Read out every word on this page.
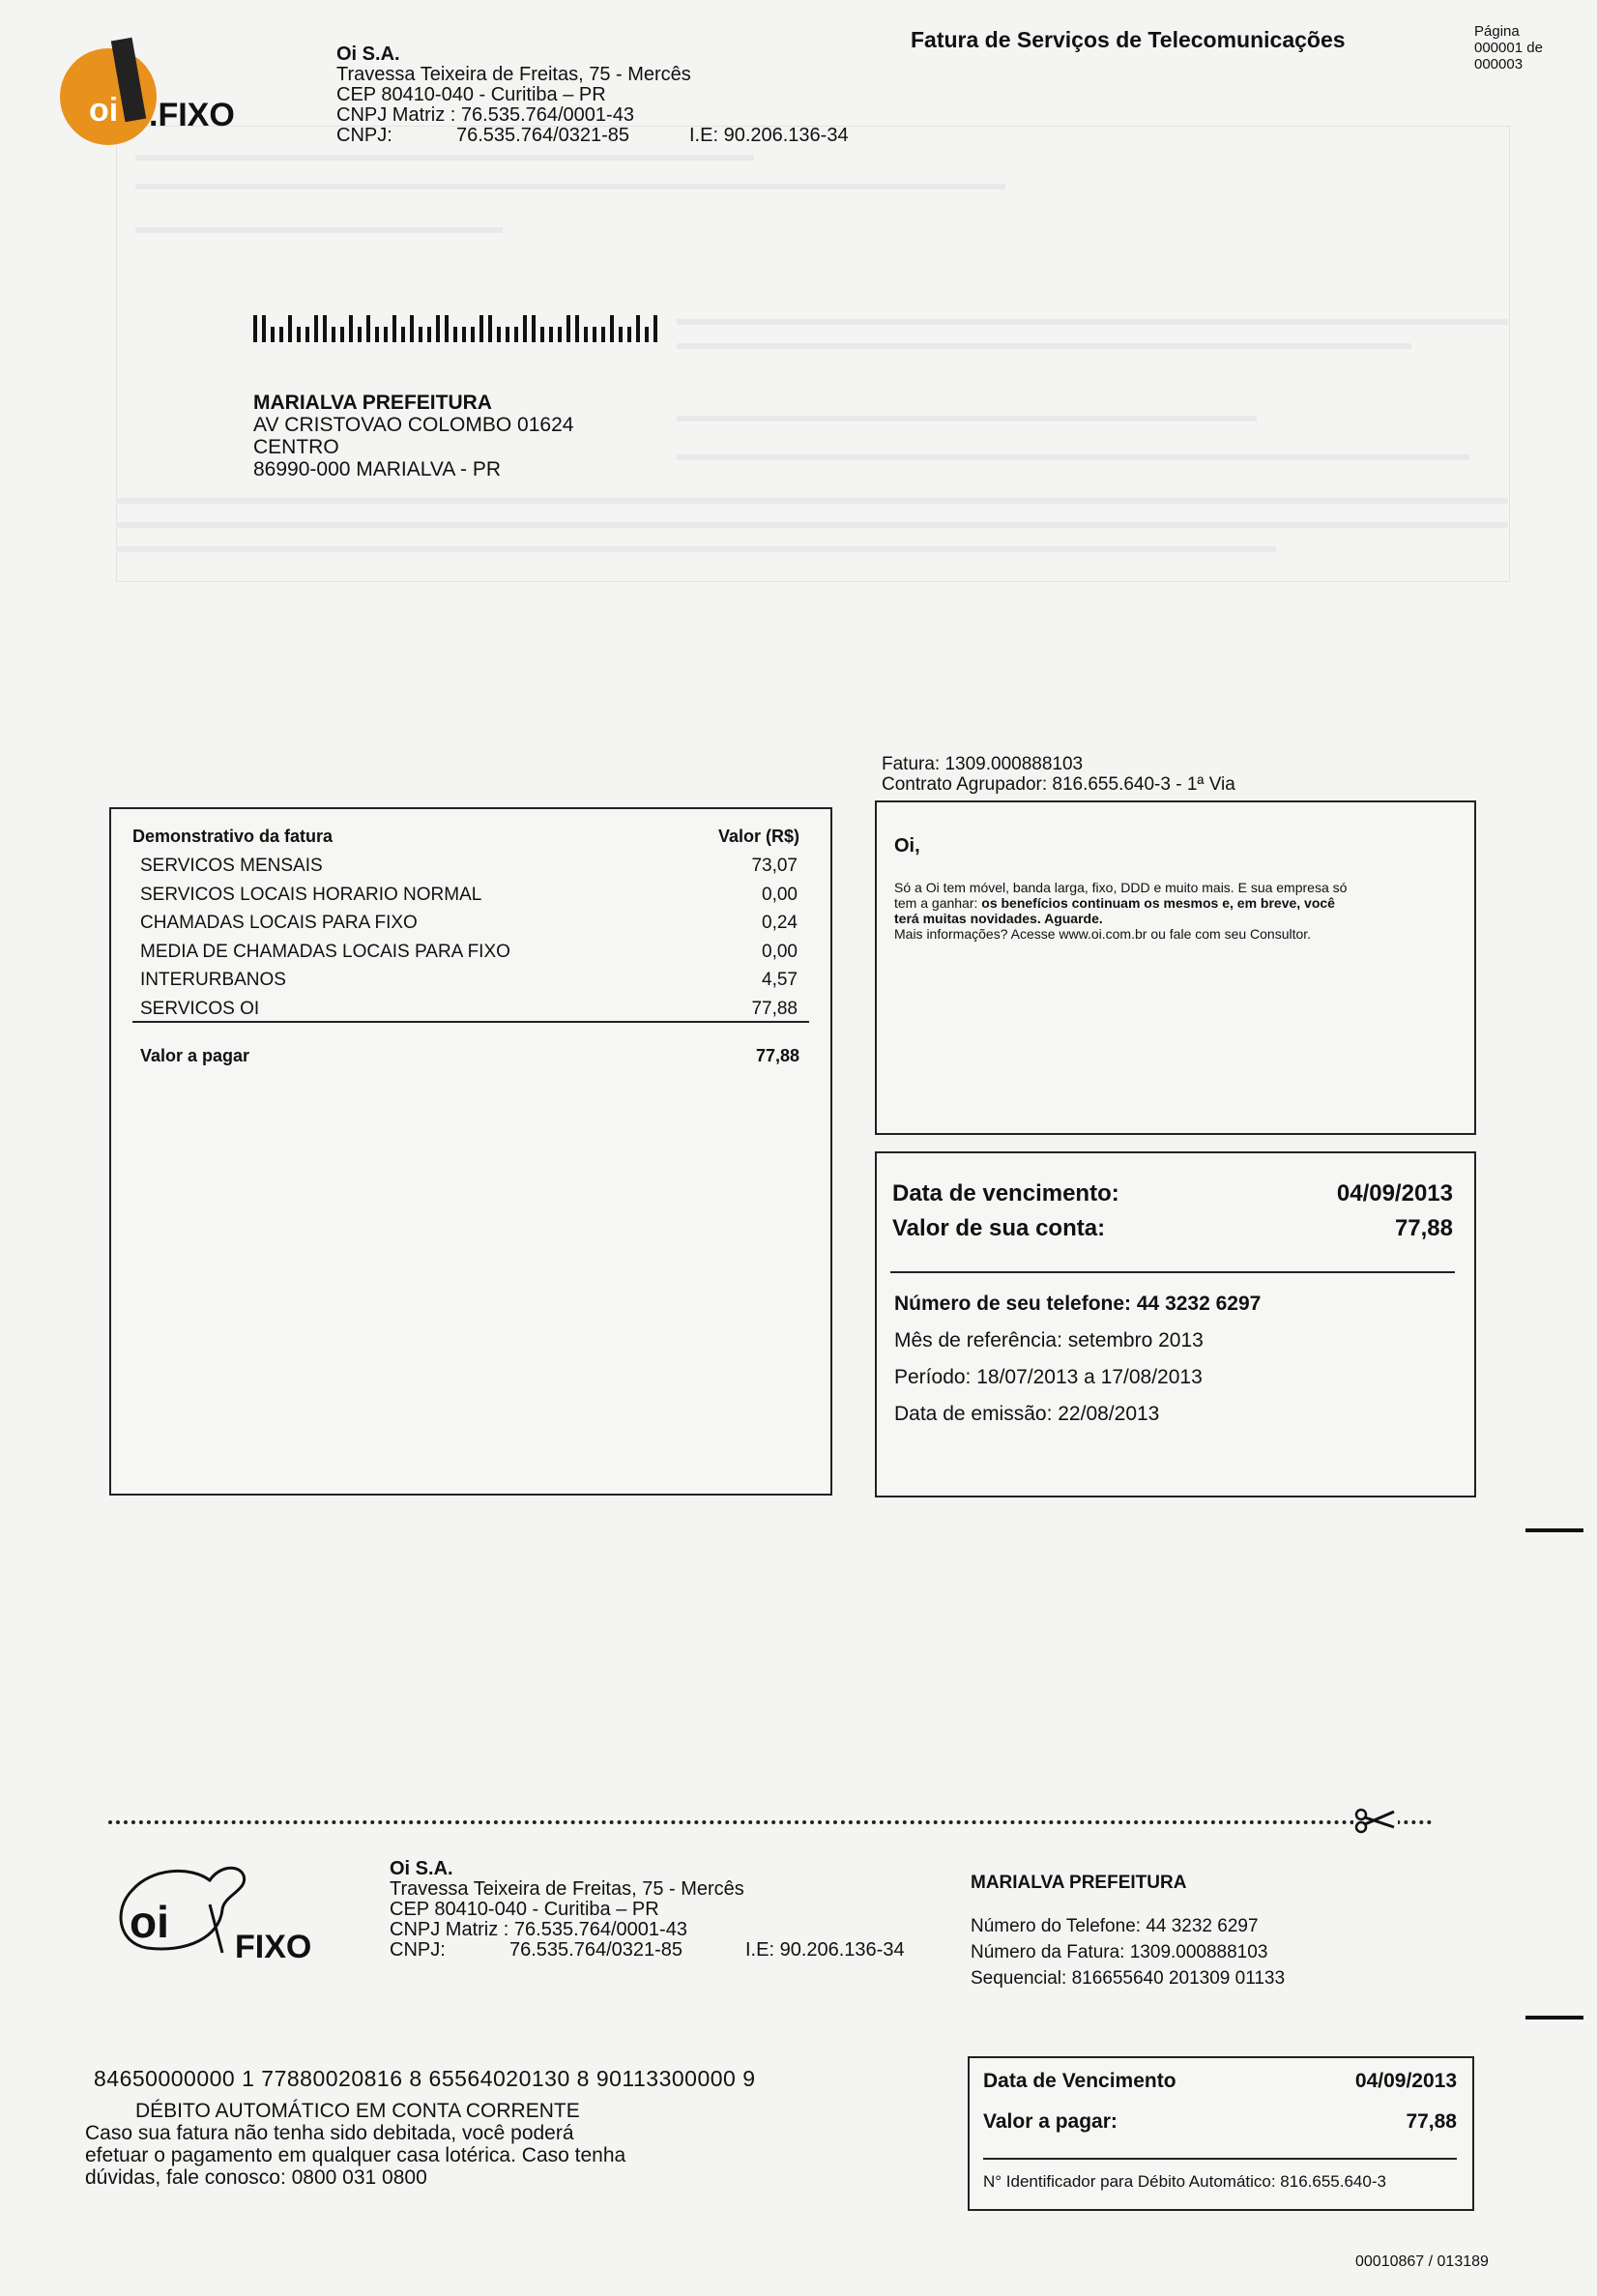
oi .FIXO
Oi S.A.
Travessa Teixeira de Freitas, 75 - Mercês
CEP 80410-040 - Curitiba – PR
CNPJ Matriz : 76.535.764/0001-43
CNPJ:	76.535.764/0321-85	I.E: 90.206.136-34
Fatura de Serviços de Telecomunicações	Página
000001 de
000003
MARIALVA PREFEITURA
AV CRISTOVAO COLOMBO 01624
CENTRO
86990-000 MARIALVA - PR
Fatura: 1309.000888103
Contrato Agrupador: 816.655.640-3 - 1ª Via
Demonstrativo da fatura	Valor (R$)
SERVICOS MENSAIS	73,07
SERVICOS LOCAIS HORARIO NORMAL	0,00
CHAMADAS LOCAIS PARA FIXO	0,24
MEDIA DE CHAMADAS LOCAIS PARA FIXO	0,00
INTERURBANOS	4,57
SERVICOS OI	77,88
Valor a pagar	77,88
Oi,
Só a Oi tem móvel, banda larga, fixo, DDD e muito mais. E sua empresa só
tem a ganhar: os benefícios continuam os mesmos e, em breve, você
terá muitas novidades. Aguarde.
Mais informações? Acesse www.oi.com.br ou fale com seu Consultor.
Data de vencimento:	04/09/2013
Valor de sua conta:	77,88
Número de seu telefone: 44 3232 6297
Mês de referência: setembro 2013
Período: 18/07/2013 a 17/08/2013
Data de emissão: 22/08/2013
oi FIXO
Oi S.A.
Travessa Teixeira de Freitas, 75 - Mercês
CEP 80410-040 - Curitiba – PR
CNPJ Matriz : 76.535.764/0001-43
CNPJ:	76.535.764/0321-85	I.E: 90.206.136-34
MARIALVA PREFEITURA
Número do Telefone: 44 3232 6297
Número da Fatura: 1309.000888103
Sequencial: 816655640 201309 01133
84650000000 1 77880020816 8 65564020130 8 90113300000 9
DÉBITO AUTOMÁTICO EM CONTA CORRENTE
Caso sua fatura não tenha sido debitada, você poderá
efetuar o pagamento em qualquer casa lotérica. Caso tenha
dúvidas, fale conosco: 0800 031 0800
Data de Vencimento	04/09/2013
Valor a pagar:	77,88
N° Identificador para Débito Automático: 816.655.640-3
00010867 / 013189
